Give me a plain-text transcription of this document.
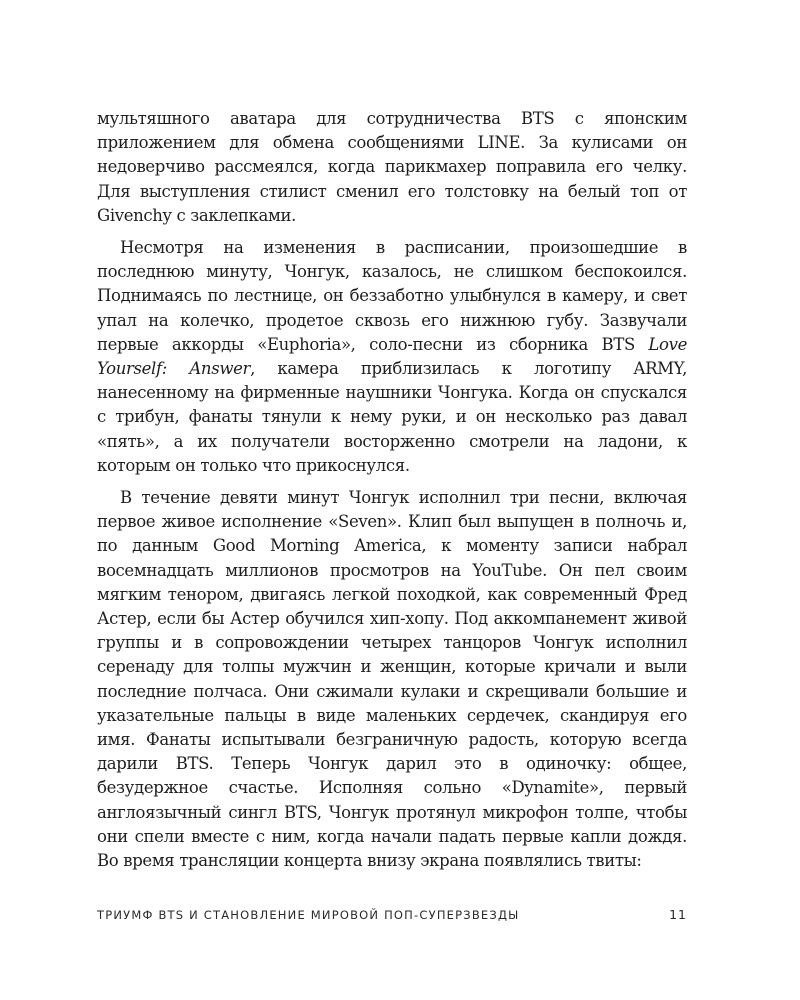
мультяшного аватара для сотрудничества BTS с японским приложением для обмена сообщениями LINE. За кулисами он недоверчиво рассмеялся, когда парикмахер поправила его челку. Для выступления стилист сменил его толстовку на белый топ от Givenchy с заклепками.

Несмотря на изменения в расписании, произошедшие в последнюю минуту, Чонгук, казалось, не слишком беспокоился. Поднимаясь по лестнице, он беззаботно улыбнулся в камеру, и свет упал на колечко, продетое сквозь его нижнюю губу. Зазвучали первые аккорды «Euphoria», соло-песни из сборника BTS Love Yourself: Answer, камера приблизилась к логотипу ARMY, нанесенному на фирменные наушники Чонгука. Когда он спускался с трибун, фанаты тянули к нему руки, и он несколько раз давал «пять», а их получатели восторженно смотрели на ладони, к которым он только что прикоснулся.

В течение девяти минут Чонгук исполнил три песни, включая первое живое исполнение «Seven». Клип был выпущен в полночь и, по данным Good Morning America, к моменту записи набрал восемнадцать миллионов просмотров на YouTube. Он пел своим мягким тенором, двигаясь легкой походкой, как современный Фред Астер, если бы Астер обучился хип-хопу. Под аккомпанемент живой группы и в сопровождении четырех танцоров Чонгук исполнил серенаду для толпы мужчин и женщин, которые кричали и выли последние полчаса. Они сжимали кулаки и скрещивали большие и указательные пальцы в виде маленьких сердечек, скандируя его имя. Фанаты испытывали безграничную радость, которую всегда дарили BTS. Теперь Чонгук дарил это в одиночку: общее, безудержное счастье. Исполняя сольно «Dynamite», первый англоязычный сингл BTS, Чонгук протянул микрофон толпе, чтобы они спели вместе с ним, когда начали падать первые капли дождя. Во время трансляции концерта внизу экрана появлялись твиты:

ТРИУМФ BTS И СТАНОВЛЕНИЕ МИРОВОЙ ПОП-СУПЕРЗВЕЗДЫ	11
